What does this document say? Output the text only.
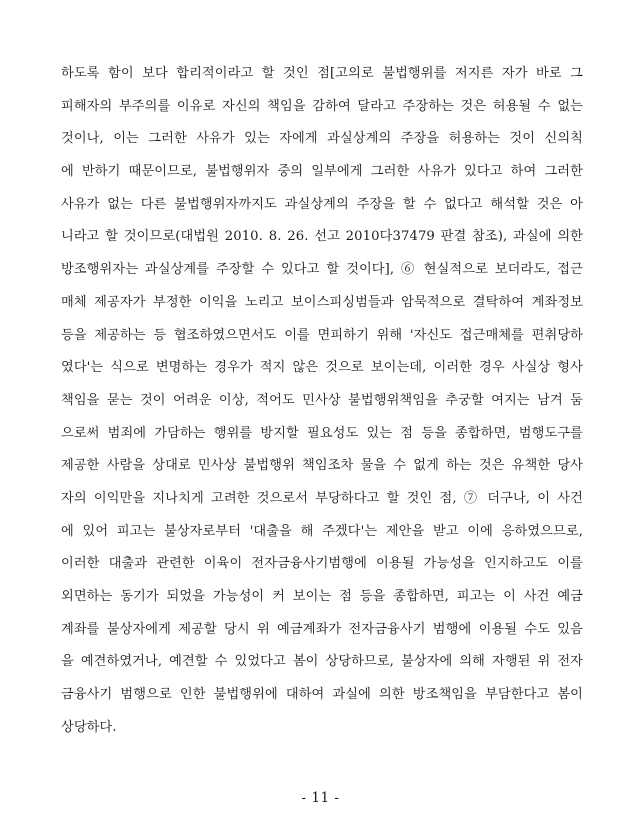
하도록 함이 보다 합리적이라고 할 것인 점[고의로 불법행위를 저지른 자가 바로 그
피해자의 부주의를 이유로 자신의 책임을 감하여 달라고 주장하는 것은 허용될 수 없는
것이나, 이는 그러한 사유가 있는 자에게 과실상계의 주장을 허용하는 것이 신의칙
에 반하기 때문이므로, 불법행위자 중의 일부에게 그러한 사유가 있다고 하여 그러한
사유가 없는 다른 불법행위자까지도 과실상계의 주장을 할 수 없다고 해석할 것은 아
니라고 할 것이므로(대법원 2010. 8. 26. 선고 2010다37479 판결 참조), 과실에 의한
방조행위자는 과실상계를 주장할 수 있다고 할 것이다], ⑥ 현실적으로 보더라도, 접근
매체 제공자가 부정한 이익을 노리고 보이스피싱범들과 암묵적으로 결탁하여 계좌정보
등을 제공하는 등 협조하였으면서도 이를 면피하기 위해 '자신도 접근매체를 편취당하
였다'는 식으로 변명하는 경우가 적지 않은 것으로 보이는데, 이러한 경우 사실상 형사
책임을 묻는 것이 어려운 이상, 적어도 민사상 불법행위책임을 추궁할 여지는 남겨 둠
으로써 범죄에 가담하는 행위를 방지할 필요성도 있는 점 등을 종합하면, 범행도구를
제공한 사람을 상대로 민사상 불법행위 책임조차 물을 수 없게 하는 것은 유책한 당사
자의 이익만을 지나치게 고려한 것으로서 부당하다고 할 것인 점, ⑦ 더구나, 이 사건
에 있어 피고는 불상자로부터 '대출을 해 주겠다'는 제안을 받고 이에 응하였으므로,
이러한 대출과 관련한 이육이 전자금융사기범행에 이용될 가능성을 인지하고도 이를
외면하는 동기가 되었을 가능성이 커 보이는 점 등을 종합하면, 피고는 이 사건 예금
계좌를 불상자에게 제공할 당시 위 예금계좌가 전자금융사기 범행에 이용될 수도 있음
을 예견하였거나, 예견할 수 있었다고 봄이 상당하므로, 불상자에 의해 자행된 위 전자
금융사기 범행으로 인한 불법행위에 대하여 과실에 의한 방조책임을 부담한다고 봄이
상당하다.
- 11 -
